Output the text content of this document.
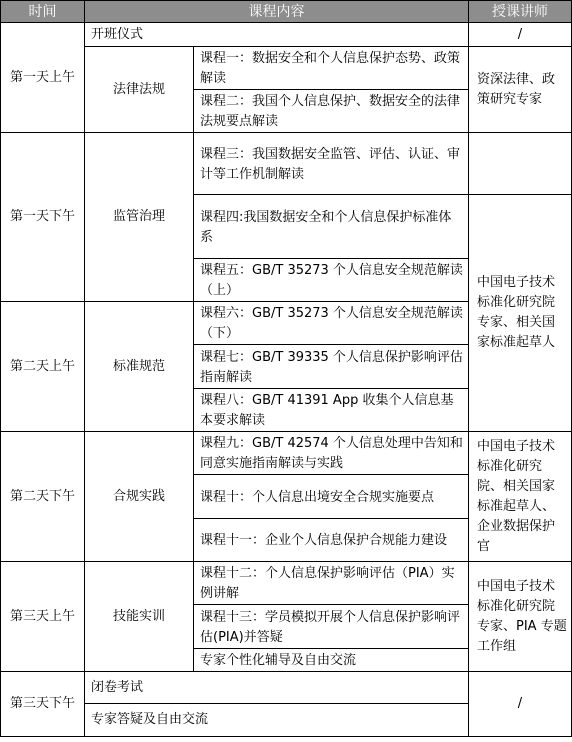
时间	课程内容		授课讲师
第一天上午	开班仪式		/
	法律法规	课程一：数据安全和个人信息保护态势、政策解读	资深法律、政策研究专家
		课程二：我国个人信息保护、数据安全的法律法规要点解读	

第一天下午	监管治理	课程三：我国数据安全监管、评估、认证、审计等工作机制解读	
		课程四:我国数据安全和个人信息保护标准体系	中国电子技术标准化研究院专家、相关国家标准起草人
		课程五：GB/T 35273 个人信息安全规范解读（上）	
第二天上午	标准规范	课程六：GB/T 35273 个人信息安全规范解读（下）	
		课程七：GB/T 39335 个人信息保护影响评估指南解读	
		课程八：GB/T 41391 App 收集个人信息基本要求解读	
第二天下午	合规实践	课程九：GB/T 42574 个人信息处理中告知和同意实施指南解读与实践	中国电子技术标准化研究院、相关国家标准起草人、企业数据保护官
		课程十：个人信息出境安全合规实施要点	
		课程十一：企业个人信息保护合规能力建设	
第三天上午	技能实训	课程十二：个人信息保护影响评估（PIA）实例讲解	中国电子技术标准化研究院专家、PIA 专题工作组
		课程十三：学员模拟开展个人信息保护影响评估(PIA)并答疑	
		专家个性化辅导及自由交流	
第三天下午	闭卷考试		/
	专家答疑及自由交流		
